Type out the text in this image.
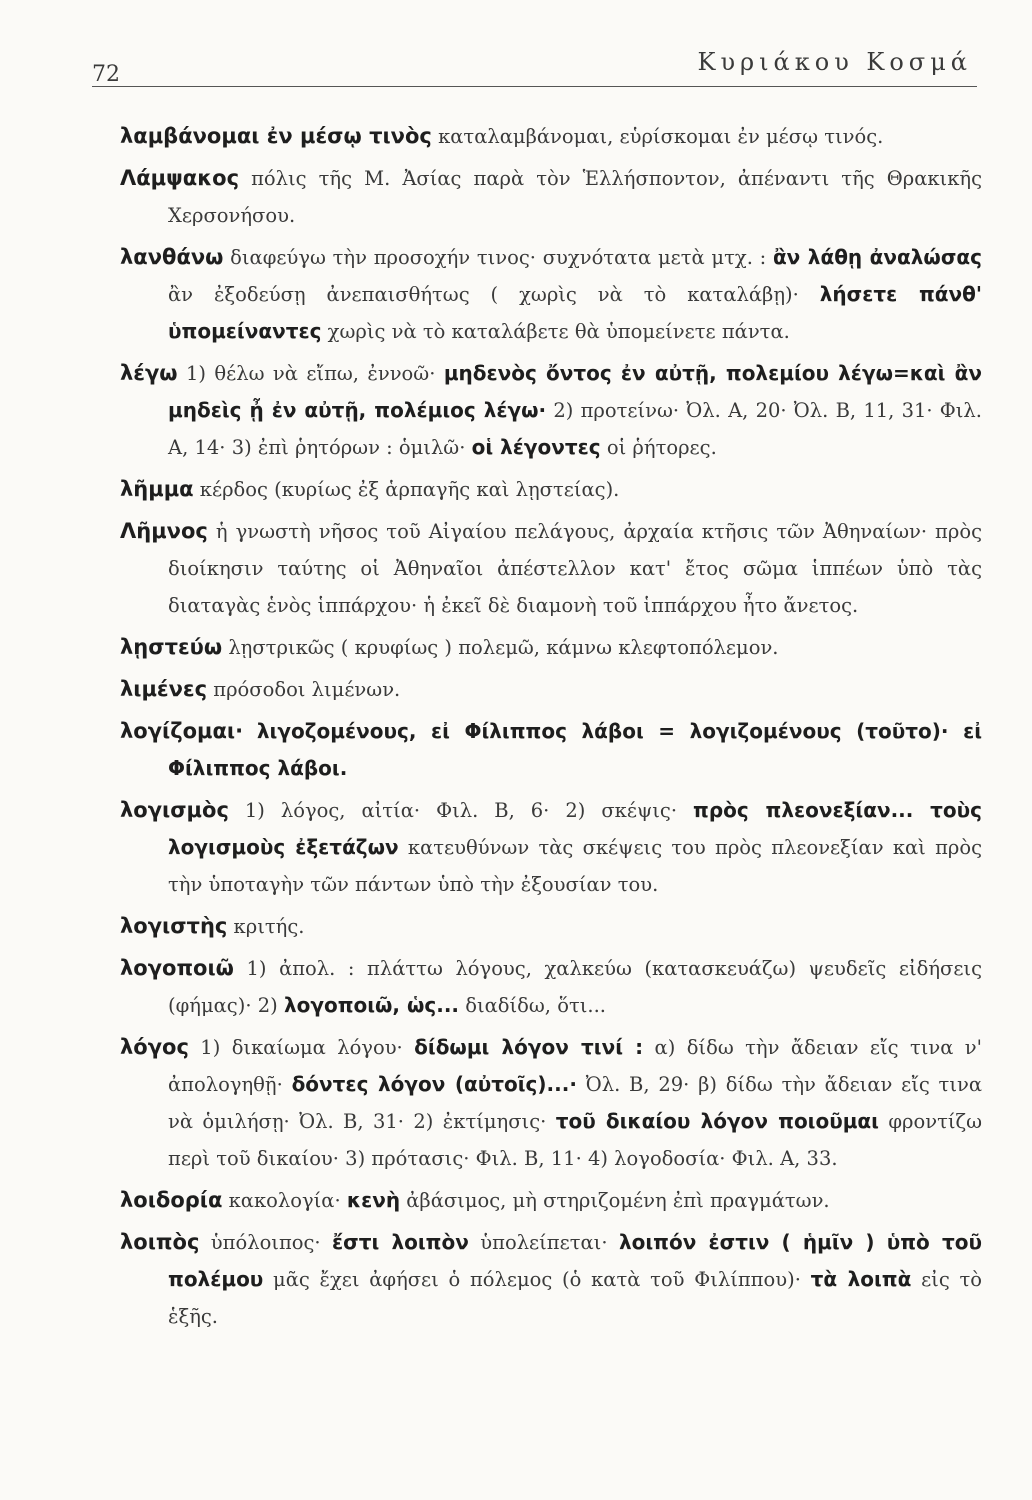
72	Κυριάκου Κοσμά

λαμβάνομαι ἐν μέσῳ τινὸς καταλαμβάνομαι, εὑρίσκομαι ἐν μέσῳ τινός.

Λάμψακος πόλις τῆς Μ. Ἀσίας παρὰ τὸν Ἑλλήσποντον, ἀπέναντι τῆς Θρακικῆς Χερσονήσου.

λανθάνω διαφεύγω τὴν προσοχήν τινος· συχνότατα μετὰ μτχ. : ἂν λάθῃ ἀναλώσας ἂν ἐξοδεύσῃ ἀνεπαισθήτως ( χωρὶς νὰ τὸ καταλάβῃ)· λήσετε πάνθ' ὑπομείναντες χωρὶς νὰ τὸ καταλάβετε θὰ ὑπομείνετε πάντα.

λέγω 1) θέλω νὰ εἴπω, ἐννοῶ· μηδενὸς ὄντος ἐν αὐτῇ, πολεμίου λέγω=καὶ ἂν μηδεὶς ᾖ ἐν αὐτῇ, πολέμιος λέγω· 2) προτείνω· Ὀλ. Α, 20· Ὀλ. Β, 11, 31· Φιλ. Α, 14· 3) ἐπὶ ῥητόρων : ὁμιλῶ· οἱ λέγοντες οἱ ῥήτορες.

λῆμμα κέρδος (κυρίως ἐξ ἁρπαγῆς καὶ λῃστείας).

Λῆμνος ἡ γνωστὴ νῆσος τοῦ Αἰγαίου πελάγους, ἀρχαία κτῆσις τῶν Ἀθηναίων· πρὸς διοίκησιν ταύτης οἱ Ἀθηναῖοι ἀπέστελλον κατ' ἔτος σῶμα ἱππέων ὑπὸ τὰς διαταγὰς ἑνὸς ἱππάρχου· ἡ ἐκεῖ δὲ διαμονὴ τοῦ ἱππάρχου ἦτο ἄνετος.

λῃστεύω λῃστρικῶς ( κρυφίως ) πολεμῶ, κάμνω κλεφτοπόλεμον.

λιμένες πρόσοδοι λιμένων.

λογίζομαι· λιγοζομένους, εἰ Φίλιππος λάβοι = λογιζομένους (τοῦτο)· εἰ Φίλιππος λάβοι.

λογισμὸς 1) λόγος, αἰτία· Φιλ. Β, 6· 2) σκέψις· πρὸς πλεονεξίαν... τοὺς λογισμοὺς ἐξετάζων κατευθύνων τὰς σκέψεις του πρὸς πλεονεξίαν καὶ πρὸς τὴν ὑποταγὴν τῶν πάντων ὑπὸ τὴν ἐξουσίαν του.

λογιστὴς κριτής.

λογοποιῶ 1) ἀπολ. : πλάττω λόγους, χαλκεύω (κατασκευάζω) ψευδεῖς εἰδήσεις (φήμας)· 2) λογοποιῶ, ὡς... διαδίδω, ὅτι...

λόγος 1) δικαίωμα λόγου· δίδωμι λόγον τινί : α) δίδω τὴν ἄδειαν εἴς τινα ν' ἀπολογηθῇ· δόντες λόγον (αὐτοῖς)...· Ὀλ. Β, 29· β) δίδω τὴν ἄδειαν εἴς τινα νὰ ὁμιλήσῃ· Ὀλ. Β, 31· 2) ἐκτίμησις· τοῦ δικαίου λόγον ποιοῦμαι φροντίζω περὶ τοῦ δικαίου· 3) πρότασις· Φιλ. Β, 11· 4) λογοδοσία· Φιλ. Α, 33.

λοιδορία κακολογία· κενὴ ἀβάσιμος, μὴ στηριζομένη ἐπὶ πραγμάτων.

λοιπὸς ὑπόλοιπος· ἔστι λοιπὸν ὑπολείπεται· λοιπόν ἐστιν ( ἡμῖν ) ὑπὸ τοῦ πολέμου μᾶς ἔχει ἀφήσει ὁ πόλεμος (ὁ κατὰ τοῦ Φιλίππου)· τὰ λοιπὰ εἰς τὸ ἑξῆς.
